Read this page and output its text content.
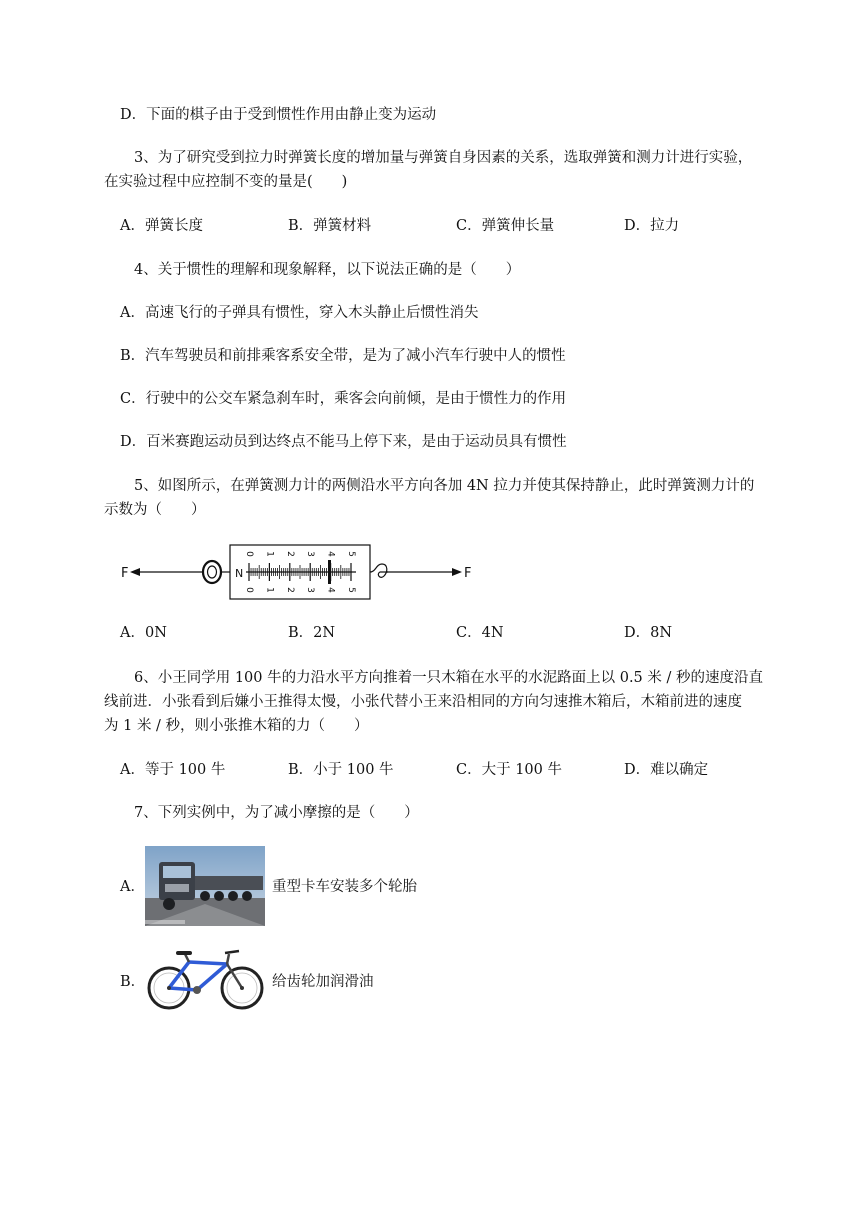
D．下面的棋子由于受到惯性作用由静止变为运动
3、为了研究受到拉力时弹簧长度的增加量与弹簧自身因素的关系，选取弹簧和测力计进行实验，
在实验过程中应控制不变的量是(　　)
A．弹簧长度	B．弹簧材料	C．弹簧伸长量	D．拉力
4、关于惯性的理解和现象解释，以下说法正确的是（　　）
A．高速飞行的子弹具有惯性，穿入木头静止后惯性消失
B．汽车驾驶员和前排乘客系安全带，是为了减小汽车行驶中人的惯性
C．行驶中的公交车紧急刹车时，乘客会向前倾，是由于惯性力的作用
D．百米赛跑运动员到达终点不能马上停下来，是由于运动员具有惯性
5、如图所示，在弹簧测力计的两侧沿水平方向各加 4N 拉力并使其保持静止，此时弹簧测力计的
示数为（　　）
F	N
0
0
1
1
2
2
3
3
4
4
5
5
F
A．0N	B．2N	C．4N	D．8N
6、小王同学用 100 牛的力沿水平方向推着一只木箱在水平的水泥路面上以 0.5 米 / 秒的速度沿直
线前进．小张看到后嫌小王推得太慢，小张代替小王来沿相同的方向匀速推木箱后，木箱前进的速度
为 1 米 / 秒，则小张推木箱的力（　　）
A．等于 100 牛	B．小于 100 牛	C．大于 100 牛	D．难以确定
7、下列实例中，为了减小摩擦的是（　　）
A．	重型卡车安装多个轮胎
B．	给齿轮加润滑油
